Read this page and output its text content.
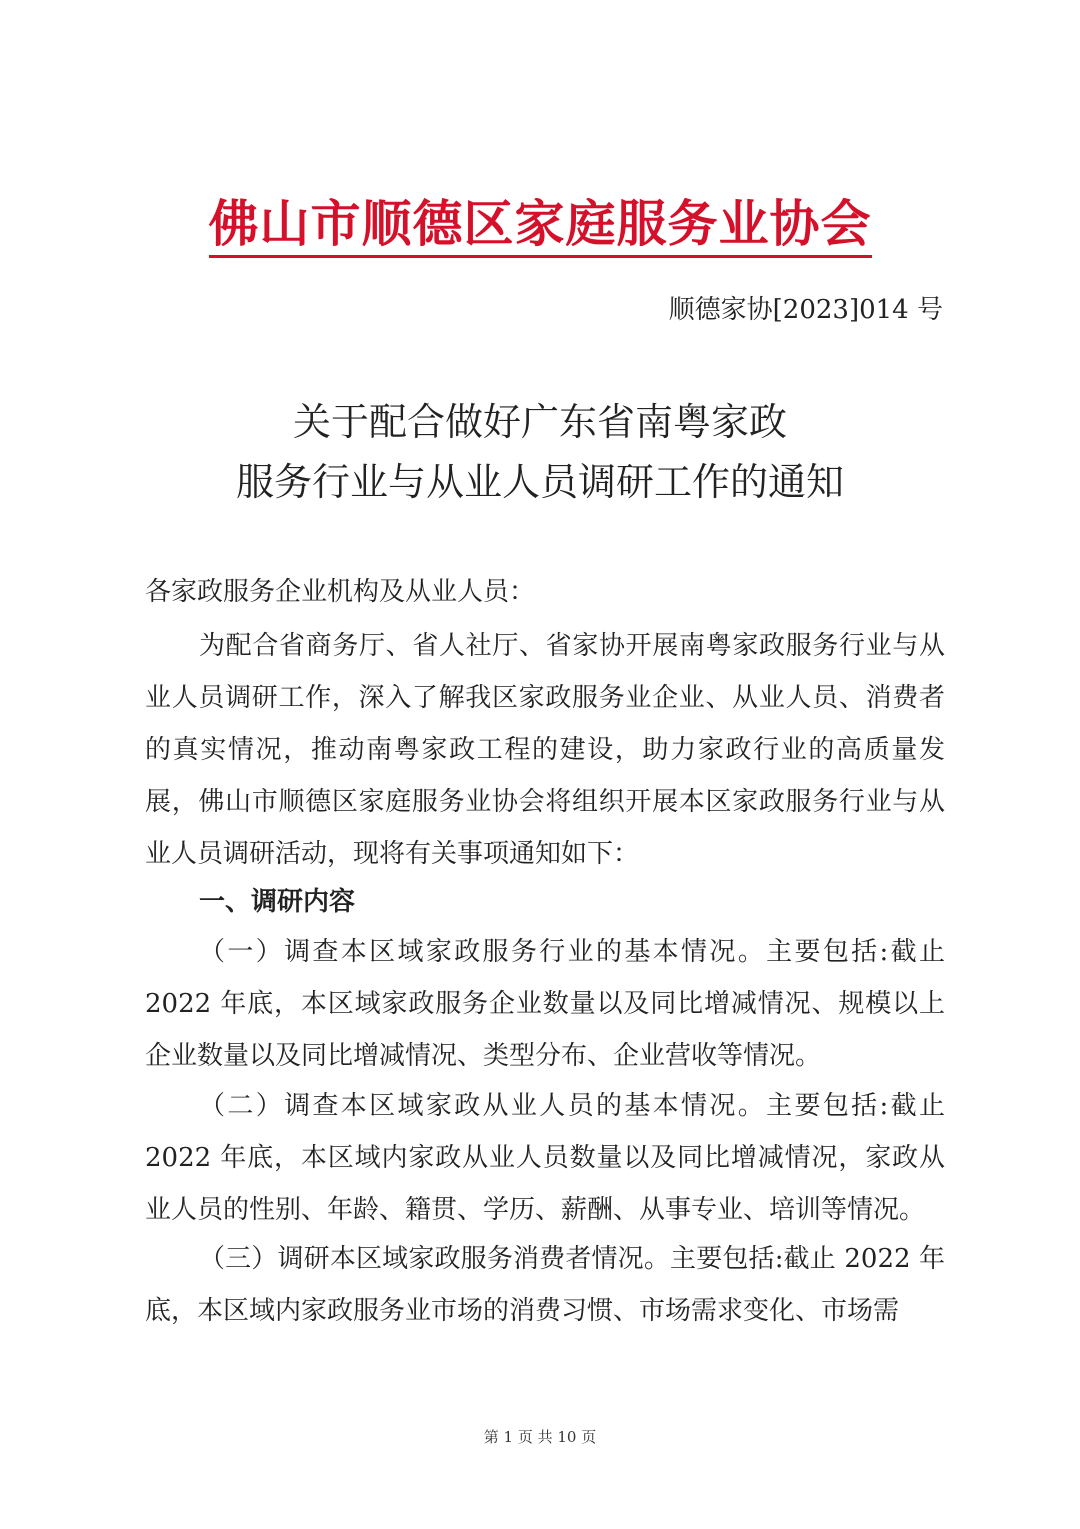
佛山市顺德区家庭服务业协会
顺德家协[2023]014 号
关于配合做好广东省南粤家政
服务行业与从业人员调研工作的通知
各家政服务企业机构及从业人员：
为配合省商务厅、省人社厅、省家协开展南粤家政服务行业与从业人员调研工作，深入了解我区家政服务业企业、从业人员、消费者的真实情况，推动南粤家政工程的建设，助力家政行业的高质量发展，佛山市顺德区家庭服务业协会将组织开展本区家政服务行业与从业人员调研活动，现将有关事项通知如下：
一、调研内容
（一）调查本区域家政服务行业的基本情况。主要包括:截止2022 年底，本区域家政服务企业数量以及同比增减情况、规模以上企业数量以及同比增减情况、类型分布、企业营收等情况。
（二）调查本区域家政从业人员的基本情况。主要包括:截止2022 年底，本区域内家政从业人员数量以及同比增减情况，家政从业人员的性别、年龄、籍贯、学历、薪酬、从事专业、培训等情况。
（三）调研本区域家政服务消费者情况。主要包括:截止 2022 年底，本区域内家政服务业市场的消费习惯、市场需求变化、市场需
第 1 页 共 10 页
